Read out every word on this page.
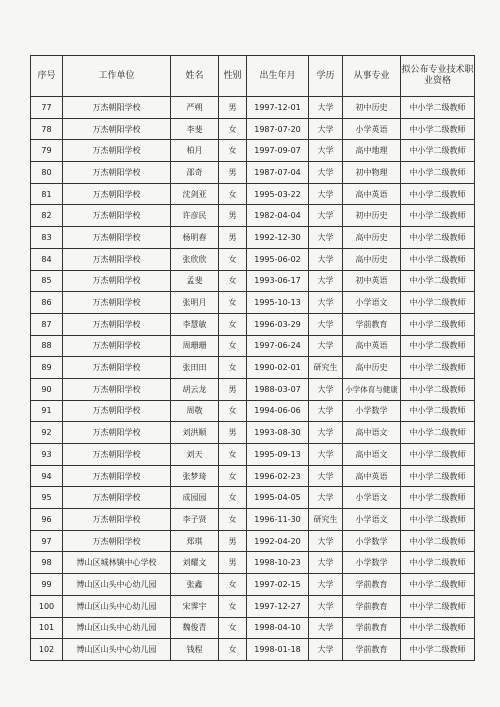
序号	工作单位	姓名	性别	出生年月	学历	从事专业	拟公布专业技术职业资格
77	万杰朝阳学校	严朔	男	1997-12-01	大学	初中历史	中小学二级教师
78	万杰朝阳学校	李斐	女	1987-07-20	大学	小学英语	中小学二级教师
79	万杰朝阳学校	柏月	女	1997-09-07	大学	高中地理	中小学二级教师
80	万杰朝阳学校	邵奇	男	1987-07-04	大学	初中物理	中小学二级教师
81	万杰朝阳学校	沈剑亚	女	1995-03-22	大学	高中英语	中小学二级教师
82	万杰朝阳学校	许彦民	男	1982-04-04	大学	初中历史	中小学二级教师
83	万杰朝阳学校	杨明春	男	1992-12-30	大学	高中历史	中小学二级教师
84	万杰朝阳学校	张欣欣	女	1995-06-02	大学	高中历史	中小学二级教师
85	万杰朝阳学校	孟斐	女	1993-06-17	大学	初中英语	中小学二级教师
86	万杰朝阳学校	张明月	女	1995-10-13	大学	小学语文	中小学二级教师
87	万杰朝阳学校	李慧敏	女	1996-03-29	大学	学前教育	中小学二级教师
88	万杰朝阳学校	周珊珊	女	1997-06-24	大学	高中英语	中小学二级教师
89	万杰朝阳学校	张田田	女	1990-02-01	研究生	高中历史	中小学二级教师
90	万杰朝阳学校	胡云龙	男	1988-03-07	大学	小学体育与健康	中小学二级教师
91	万杰朝阳学校	周敬	女	1994-06-06	大学	小学数学	中小学二级教师
92	万杰朝阳学校	刘洪顺	男	1993-08-30	大学	高中语文	中小学二级教师
93	万杰朝阳学校	刘天	女	1995-09-13	大学	高中语文	中小学二级教师
94	万杰朝阳学校	张梦琦	女	1996-02-23	大学	高中英语	中小学二级教师
95	万杰朝阳学校	成园园	女	1995-04-05	大学	小学语文	中小学二级教师
96	万杰朝阳学校	李子贤	女	1996-11-30	研究生	小学语文	中小学二级教师
97	万杰朝阳学校	郑琪	男	1992-04-20	大学	小学数学	中小学二级教师
98	博山区城林镇中心学校	刘耀文	男	1998-10-23	大学	小学数学	中小学二级教师
99	博山区山头中心幼儿园	张鑫	女	1997-02-15	大学	学前教育	中小学二级教师
100	博山区山头中心幼儿园	宋霁宇	女	1997-12-27	大学	学前教育	中小学二级教师
101	博山区山头中心幼儿园	魏俊青	女	1998-04-10	大学	学前教育	中小学二级教师
102	博山区山头中心幼儿园	钱程	女	1998-01-18	大学	学前教育	中小学二级教师
